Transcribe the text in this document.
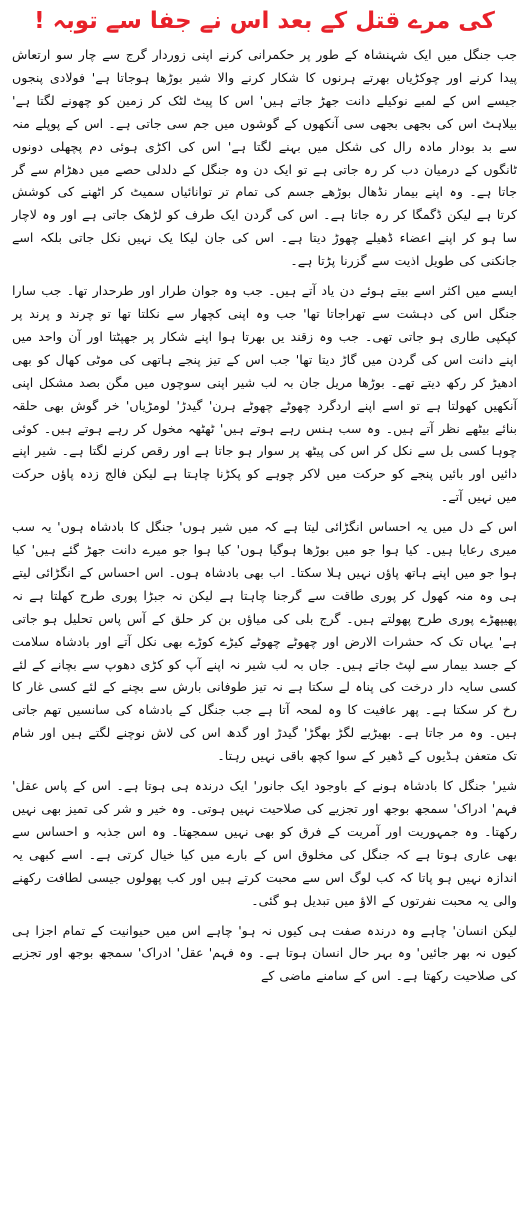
کی مرے قتل کے بعد اس نے جفا سے توبہ !

جب جنگل میں ایک شہنشاہ کے طور پر حکمرانی کرنے اپنی زوردار گرج سے چار سو ارتعاش پیدا کرنے اور چوکڑیاں بھرتے ہرنوں کا شکار کرنے والا شیر بوڑھا ہوجاتا ہے' فولادی پنجوں جیسے اس کے لمبے نوکیلے دانت جھڑ جاتے ہیں' اس کا پیٹ لٹک کر زمین کو چھونے لگتا ہے' بیلاہٹ اس کی بجھی بجھی سی آنکھوں کے گوشوں میں جم سی جاتی ہے۔ اس کے پوپلے منہ سے بد بودار مادہ رال کی شکل میں بہنے لگتا ہے' اس کی اکڑی ہوئی دم پچھلی دونوں ٹانگوں کے درمیان دب کر رہ جاتی ہے تو ایک دن وہ جنگل کے دلدلی حصے میں دھڑام سے گر جاتا ہے۔ وہ اپنے بیمار نڈھال بوڑھے جسم کی تمام تر توانائیاں سمیٹ کر اٹھنے کی کوشش کرتا ہے لیکن ڈگمگا کر رہ جاتا ہے۔ اس کی گردن ایک طرف کو لڑھک جاتی ہے اور وہ لاچار سا ہو کر اپنے اعضاء ڈھیلے چھوڑ دیتا ہے۔ اس کی جان لیکا یک نہیں نکل جاتی بلکہ اسے جانکنی کی طویل اذیت سے گزرنا پڑتا ہے۔

ایسے میں اکثر اسے بیتے ہوئے دن یاد آتے ہیں۔ جب وہ جوان طرار اور طرحدار تھا۔ جب سارا جنگل اس کی دہشت سے تھراجاتا تھا' جب وہ اپنی کچھار سے نکلتا تھا تو چرند و پرند پر کپکپی طاری ہو جاتی تھی۔ جب وہ زقند یں بھرتا ہوا اپنے شکار پر جھپٹتا اور آن واحد میں اپنے دانت اس کی گردن میں گاڑ دیتا تھا' جب اس کے تیز پنجے ہاتھی کی موٹی کھال کو بھی ادھیڑ کر رکھ دیتے تھے۔ بوڑھا مریل جان بہ لب شیر اپنی سوچوں میں مگن بصد مشکل اپنی آنکھیں کھولتا ہے تو اسے اپنے اردگرد چھوٹے چھوٹے ہرن' گیدڑ' لومڑیاں' خر گوش بھی حلقہ بنائے بیٹھے نظر آتے ہیں۔ وہ سب ہنس رہے ہوتے ہیں' ٹھٹھہ مخول کر رہے ہوتے ہیں۔ کوئی چوہا کسی بل سے نکل کر اس کی پیٹھ پر سوار ہو جاتا ہے اور رقص کرنے لگتا ہے۔ شیر اپنے دائیں اور بائیں پنجے کو حرکت میں لاکر چوہے کو پکڑنا چاہتا ہے لیکن فالج زدہ پاؤں حرکت میں نہیں آتے۔

اس کے دل میں یہ احساس انگڑائی لیتا ہے کہ میں شیر ہوں' جنگل کا بادشاہ ہوں' یہ سب میری رعایا ہیں۔ کیا ہوا جو میں بوڑھا ہوگیا ہوں' کیا ہوا جو میرے دانت جھڑ گئے ہیں' کیا ہوا جو میں اپنے ہاتھ پاؤں نہیں ہلا سکتا۔ اب بھی بادشاہ ہوں۔ اس احساس کے انگڑائی لیتے ہی وہ منہ کھول کر پوری طاقت سے گرجنا چاہتا ہے لیکن نہ جبڑا پوری طرح کھلتا ہے نہ پھیپھڑے پوری طرح پھولتے ہیں۔ گرج بلی کی میاؤں بن کر حلق کے آس پاس تحلیل ہو جاتی ہے' یہاں تک کہ حشرات الارض اور چھوٹے چھوٹے کیڑے کوڑے بھی نکل آتے اور بادشاہ سلامت کے جسد بیمار سے لپٹ جاتے ہیں۔ جاں بہ لب شیر نہ اپنے آپ کو کڑی دھوپ سے بچانے کے لئے کسی سایہ دار درخت کی پناہ لے سکتا ہے نہ تیز طوفانی بارش سے بچنے کے لئے کسی غار کا رخ کر سکتا ہے۔ پھر عافیت کا وہ لمحہ آتا ہے جب جنگل کے بادشاہ کی سانسیں تھم جاتی ہیں۔ وہ مر جاتا ہے۔ بھیڑیے لگڑ بھگڑ' گیدڑ اور گدھ اس کی لاش نوچنے لگتے ہیں اور شام تک متعفن ہڈیوں کے ڈھیر کے سوا کچھ باقی نہیں رہتا۔

شیر' جنگل کا بادشاہ ہونے کے باوجود ایک جانور' ایک درندہ ہی ہوتا ہے۔ اس کے پاس عقل' فہم' ادراک' سمجھ بوجھ اور تجزیے کی صلاحیت نہیں ہوتی۔ وہ خیر و شر کی تمیز بھی نہیں رکھتا۔ وہ جمہوریت اور آمریت کے فرق کو بھی نہیں سمجھتا۔ وہ اس جذبہ و احساس سے بھی عاری ہوتا ہے کہ جنگل کی مخلوق اس کے بارے میں کیا خیال کرتی ہے۔ اسے کبھی یہ اندازہ نہیں ہو پاتا کہ کب لوگ اس سے محبت کرتے ہیں اور کب پھولوں جیسی لطافت رکھنے والی یہ محبت نفرتوں کے الاؤ میں تبدیل ہو گئی۔

لیکن انسان' چاہے وہ درندہ صفت ہی کیوں نہ ہو' چاہے اس میں حیوانیت کے تمام اجزا ہی کیوں نہ بھر جائیں' وہ بہر حال انسان ہوتا ہے۔ وہ فہم' عقل' ادراک' سمجھ بوجھ اور تجزیے کی صلاحیت رکھتا ہے۔ اس کے سامنے ماضی کے
